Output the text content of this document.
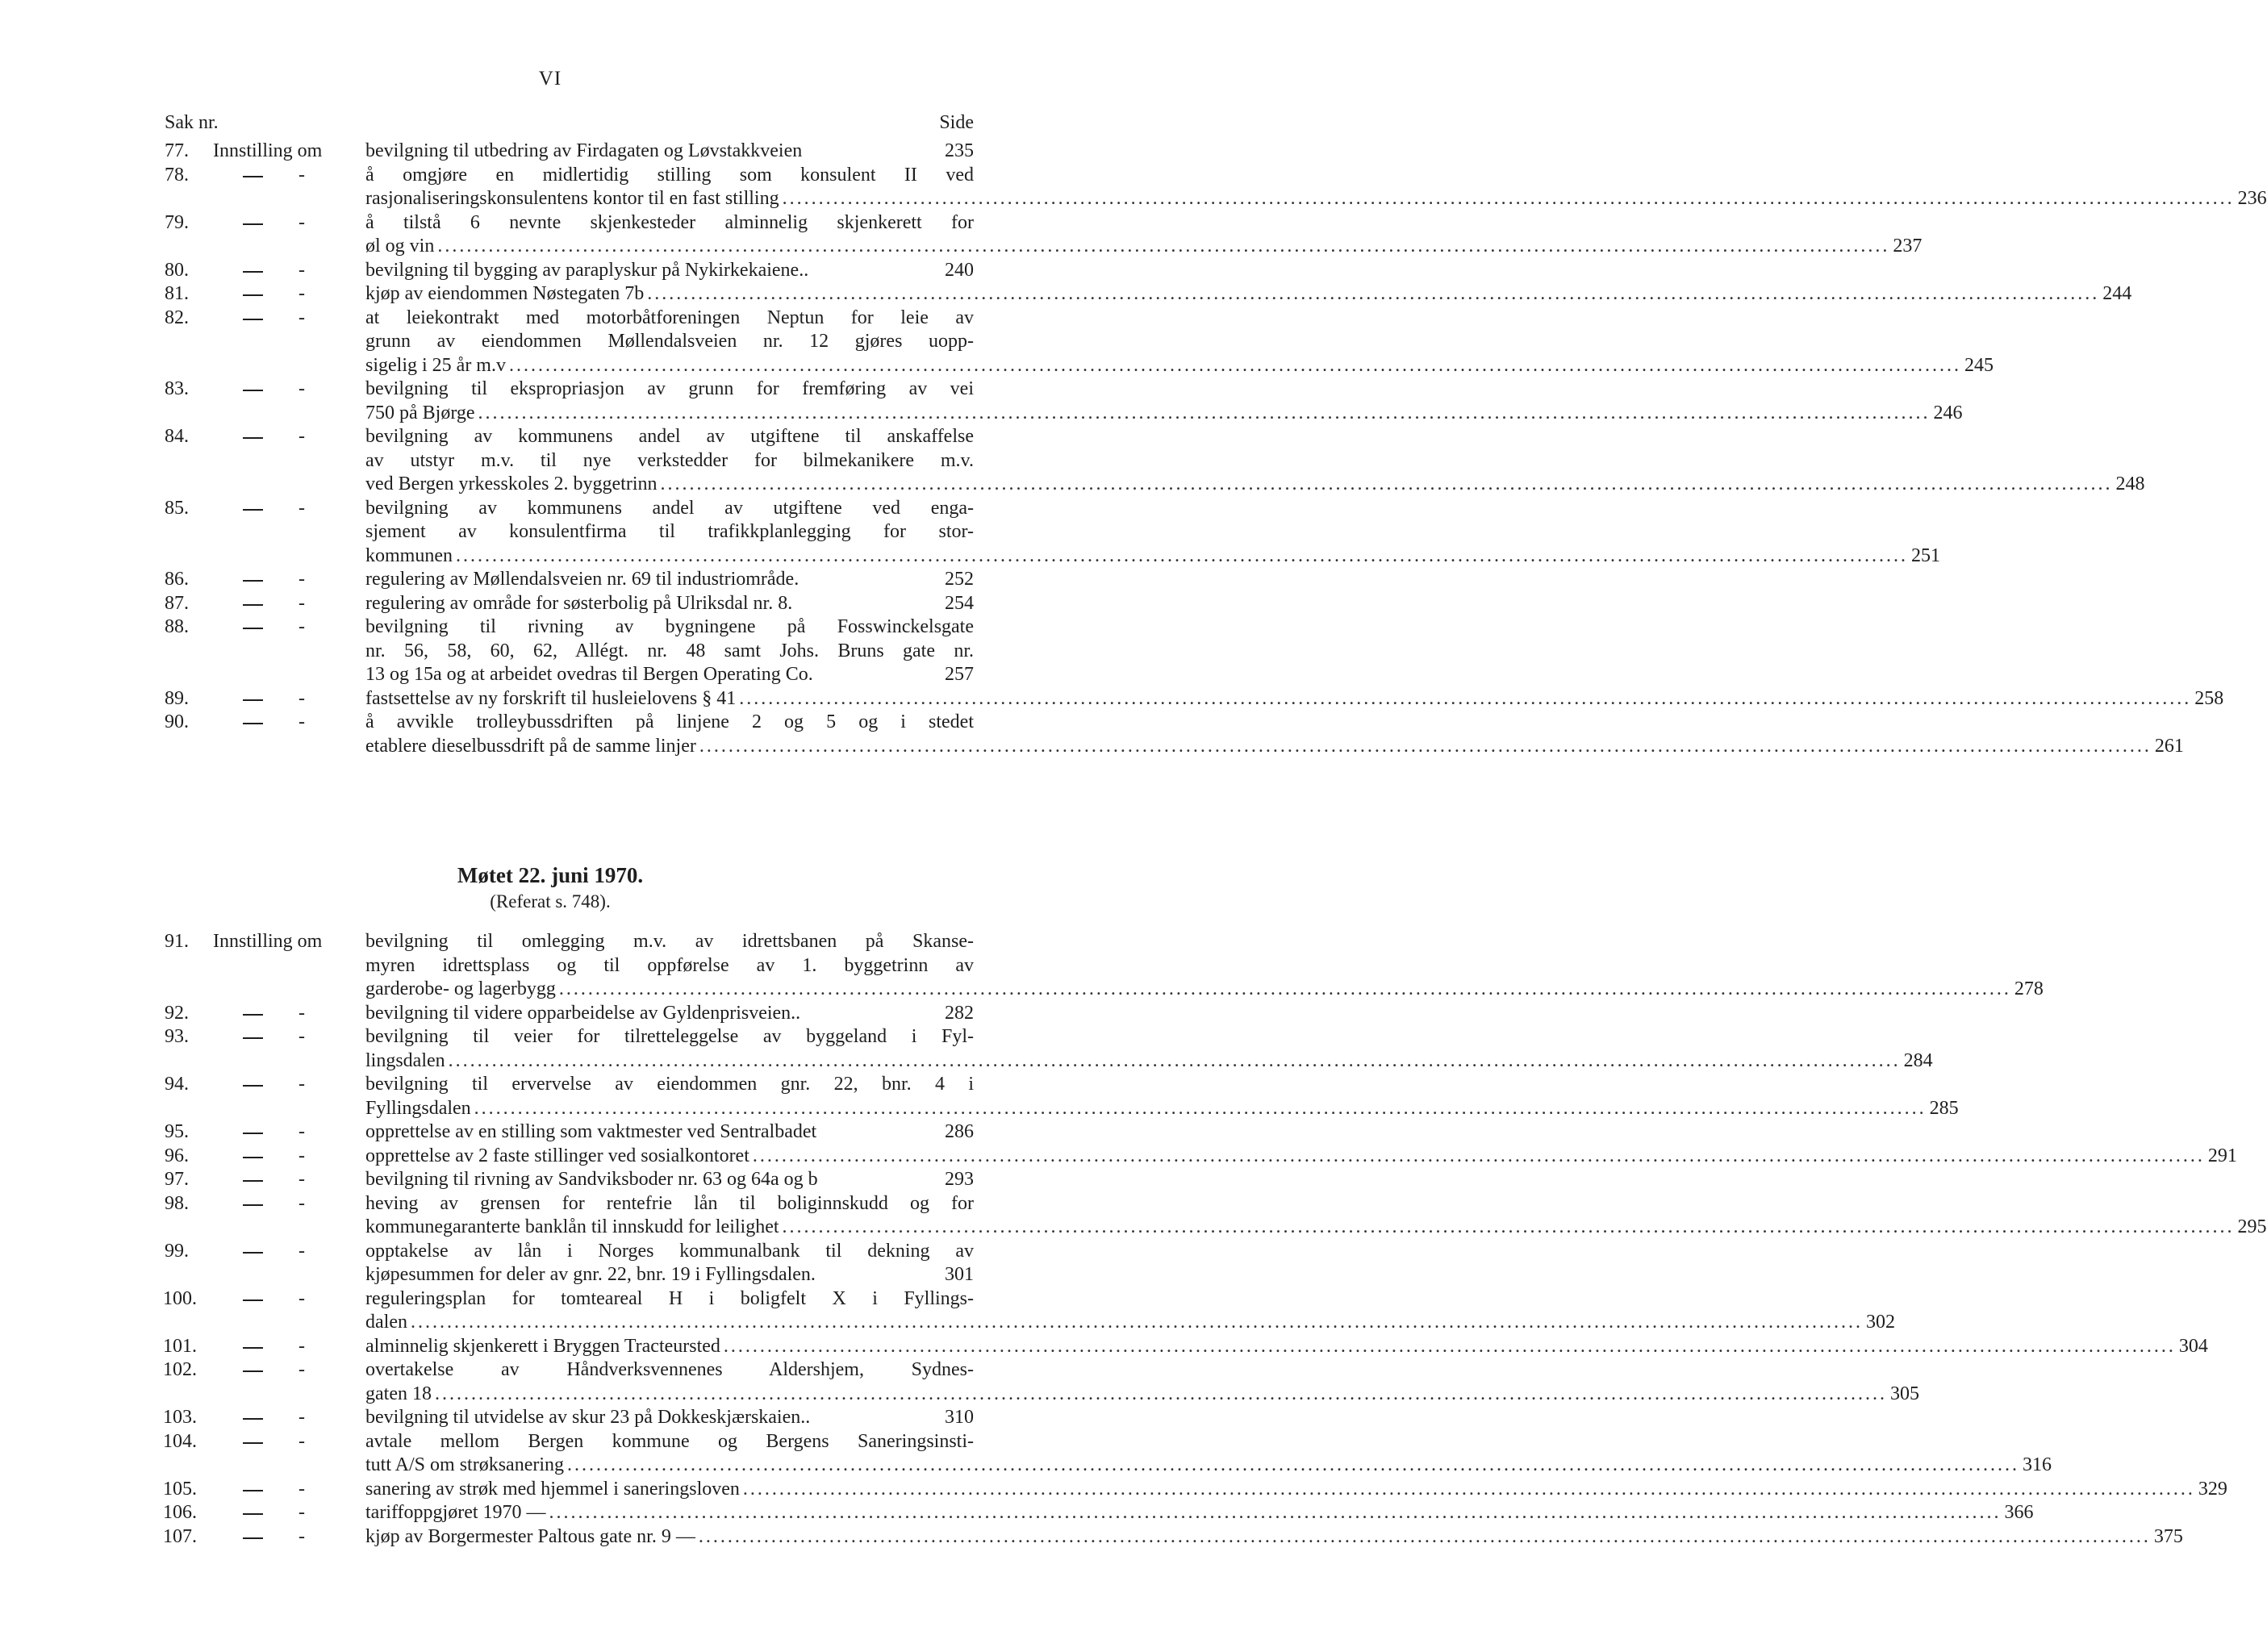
VI
Sak nr.	Side
77. Innstilling om bevilgning til utbedring av Firdagaten og Løvstakkveien	235
78.	-	å omgjøre en midlertidig stilling som konsulent II ved
rasjonaliseringskonsulentens kontor til en fast stilling ........................................................................................................................................................................................................ 236
79.	-	å tilstå 6 nevnte skjenkesteder alminnelig skjenkerett for
øl og vin ........................................................................................................................................................................................................ 237
80.	-	bevilgning til bygging av paraplyskur på Nykirkekaiene..	240
81.	-	kjøp av eiendommen Nøstegaten 7b ........................................................................................................................................................................................................ 244
82.	-	at leiekontrakt med motorbåtforeningen Neptun for leie av
grunn av eiendommen Møllendalsveien nr. 12 gjøres uopp-
sigelig i 25 år m.v ........................................................................................................................................................................................................ 245
83.	-	bevilgning til ekspropriasjon av grunn for fremføring av vei
750 på Bjørge ........................................................................................................................................................................................................ 246
84.	-	bevilgning av kommunens andel av utgiftene til anskaffelse
av utstyr m.v. til nye verkstedder for bilmekanikere m.v.
ved Bergen yrkesskoles 2. byggetrinn ........................................................................................................................................................................................................ 248
85.	-	bevilgning av kommunens andel av utgiftene ved enga-
sjement av konsulentfirma til trafikkplanlegging for stor-
kommunen ........................................................................................................................................................................................................ 251
86.	-	regulering av Møllendalsveien nr. 69 til industriområde.	252
87.	-	regulering av område for søsterbolig på Ulriksdal nr. 8.	254
88.	-	bevilgning til rivning av bygningene på Fosswinckelsgate
nr. 56, 58, 60, 62, Allégt. nr. 48 samt Johs. Bruns gate nr.
13 og 15a og at arbeidet ovedras til Bergen Operating Co.	257
89.	-	fastsettelse av ny forskrift til husleielovens § 41 ........................................................................................................................................................................................................ 258
90.	-	å avvikle trolleybussdriften på linjene 2 og 5 og i stedet
etablere dieselbussdrift på de samme linjer ........................................................................................................................................................................................................ 261
Møtet 22. juni 1970.
(Referat s. 748).
91. Innstilling om bevilgning til omlegging m.v. av idrettsbanen på Skanse-
myren idrettsplass og til oppførelse av 1. byggetrinn av
garderobe- og lagerbygg ........................................................................................................................................................................................................ 278
92.	-	bevilgning til videre opparbeidelse av Gyldenprisveien..	282
93.	-	bevilgning til veier for tilretteleggelse av byggeland i Fyl-
lingsdalen ........................................................................................................................................................................................................ 284
94.	-	bevilgning til ervervelse av eiendommen gnr. 22, bnr. 4 i
Fyllingsdalen ........................................................................................................................................................................................................ 285
95.	-	opprettelse av en stilling som vaktmester ved Sentralbadet	286
96.	-	opprettelse av 2 faste stillinger ved sosialkontoret ........................................................................................................................................................................................................ 291
97.	-	bevilgning til rivning av Sandviksboder nr. 63 og 64a og b	293
98.	-	heving av grensen for rentefrie lån til boliginnskudd og for
kommunegaranterte banklån til innskudd for leilighet ........................................................................................................................................................................................................ 295
99.	-	opptakelse av lån i Norges kommunalbank til dekning av
kjøpesummen for deler av gnr. 22, bnr. 19 i Fyllingsdalen.	301
100.	-	reguleringsplan for tomteareal H i boligfelt X i Fyllings-
dalen ........................................................................................................................................................................................................ 302
101.	-	alminnelig skjenkerett i Bryggen Tracteursted ........................................................................................................................................................................................................ 304
102.	-	overtakelse av Håndverksvennenes Aldershjem, Sydnes-
gaten 18 ........................................................................................................................................................................................................ 305
103.	-	bevilgning til utvidelse av skur 23 på Dokkeskjærskaien..	310
104.	-	avtale mellom Bergen kommune og Bergens Saneringsinsti-
tutt A/S om strøksanering ........................................................................................................................................................................................................ 316
105.	-	sanering av strøk med hjemmel i saneringsloven ........................................................................................................................................................................................................ 329
106.	-	tariffoppgjøret 1970 — ........................................................................................................................................................................................................ 366
107.	-	kjøp av Borgermester Paltous gate nr. 9 — ........................................................................................................................................................................................................ 375
